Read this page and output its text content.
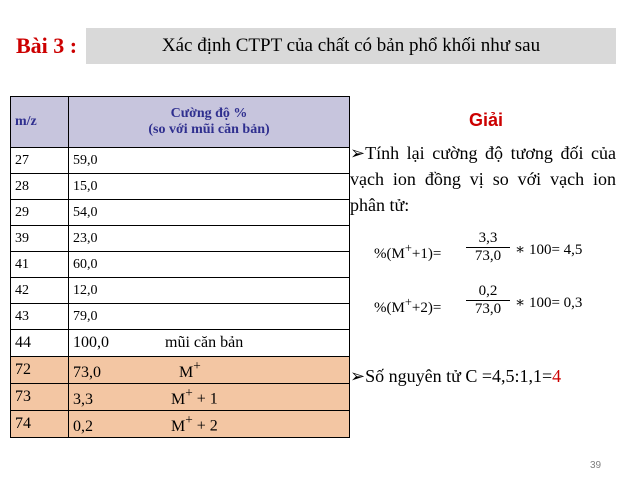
Bài 3 :	Xác định CTPT của chất có bản phổ khối như sau
m/z	Cường độ %
(so với mũi căn bản)

27	59,0
28	15,0
29	54,0
39	23,0
41	60,0
42	12,0
43	79,0
44	100,0 mũi căn bản
72	73,0 M+
73	3,3 M+ + 1
74	0,2 M+ + 2
Giải
➢Tính lại cường độ tương đối của vạch ion đồng vị so với vạch ion phân tử:
$\%(M^++1)= \frac{3,3}{73,0}$ ∗ 100= 4,5
$\%(M^++2)= \frac{0,2}{73,0}$ ∗ 100= 0,3
➢Số nguyên tử C =4,5:1,1=4
39
